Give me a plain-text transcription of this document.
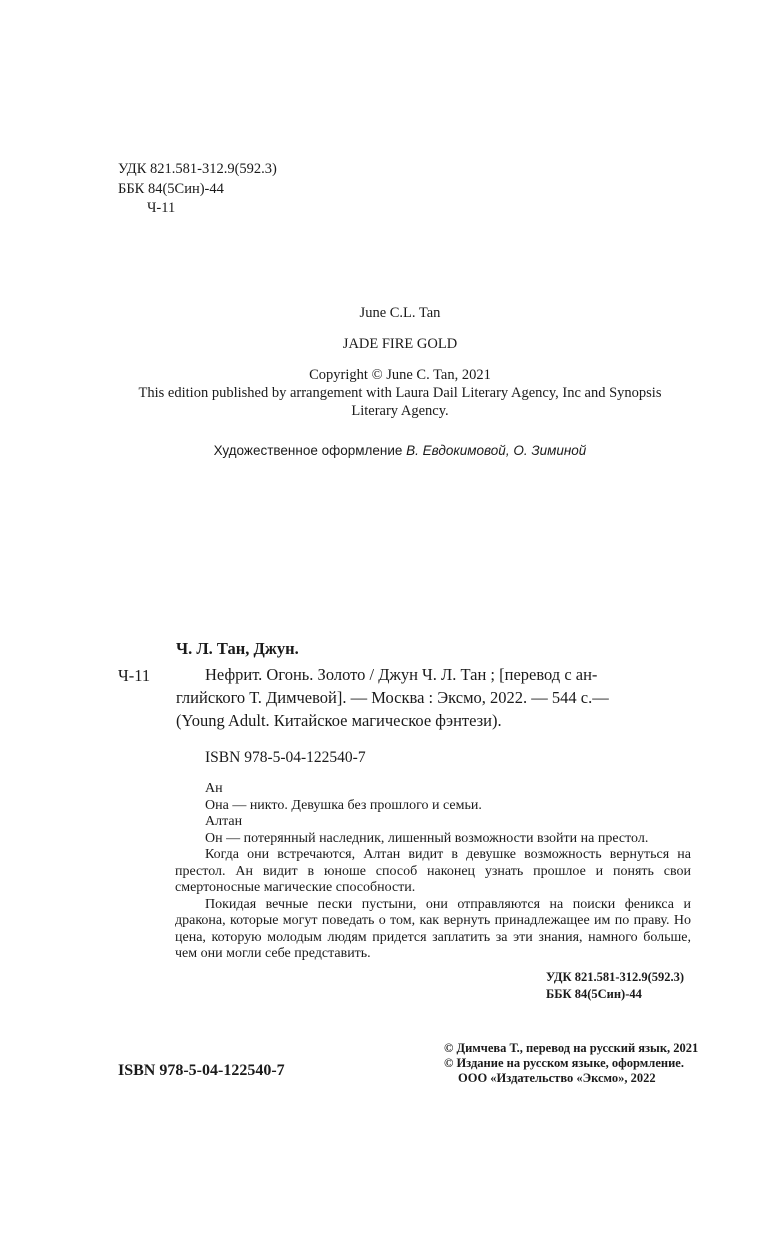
УДК 821.581-312.9(592.3)
ББК 84(5Син)-44
Ч-11
June C.L. Tan
JADE FIRE GOLD
Copyright © June C. Tan, 2021
This edition published by arrangement with Laura Dail Literary Agency, Inc and Synopsis
Literary Agency.
Художественное оформление В. Евдокимовой, О. Зиминой
Ч. Л. Тан, Джун.
Ч-11	Нефрит. Огонь. Золото / Джун Ч. Л. Тан ; [перевод с ан-
глийского Т. Димчевой]. — Москва : Эксмо, 2022. — 544 с.—
(Young Adult. Китайское магическое фэнтези).
ISBN 978-5-04-122540-7

Ан

Она — никто. Девушка без прошлого и семьи.

Алтан

Он — потерянный наследник, лишенный возможности взойти на престол.

Когда они встречаются, Алтан видит в девушке возможность вернуться на престол. Ан видит в юноше способ наконец узнать прошлое и понять свои смертоносные магические способности.

Покидая вечные пески пустыни, они отправляются на поиски феникса и дракона, которые могут поведать о том, как вернуть принадлежащее им по праву. Но цена, которую молодым людям придется заплатить за эти знания, намного больше, чем они могли себе представить.

УДК 821.581-312.9(592.3)
ББК 84(5Син)-44
ISBN 978-5-04-122540-7
© Димчева Т., перевод на русский язык, 2021
© Издание на русском языке, оформление.
ООО «Издательство «Эксмо», 2022
